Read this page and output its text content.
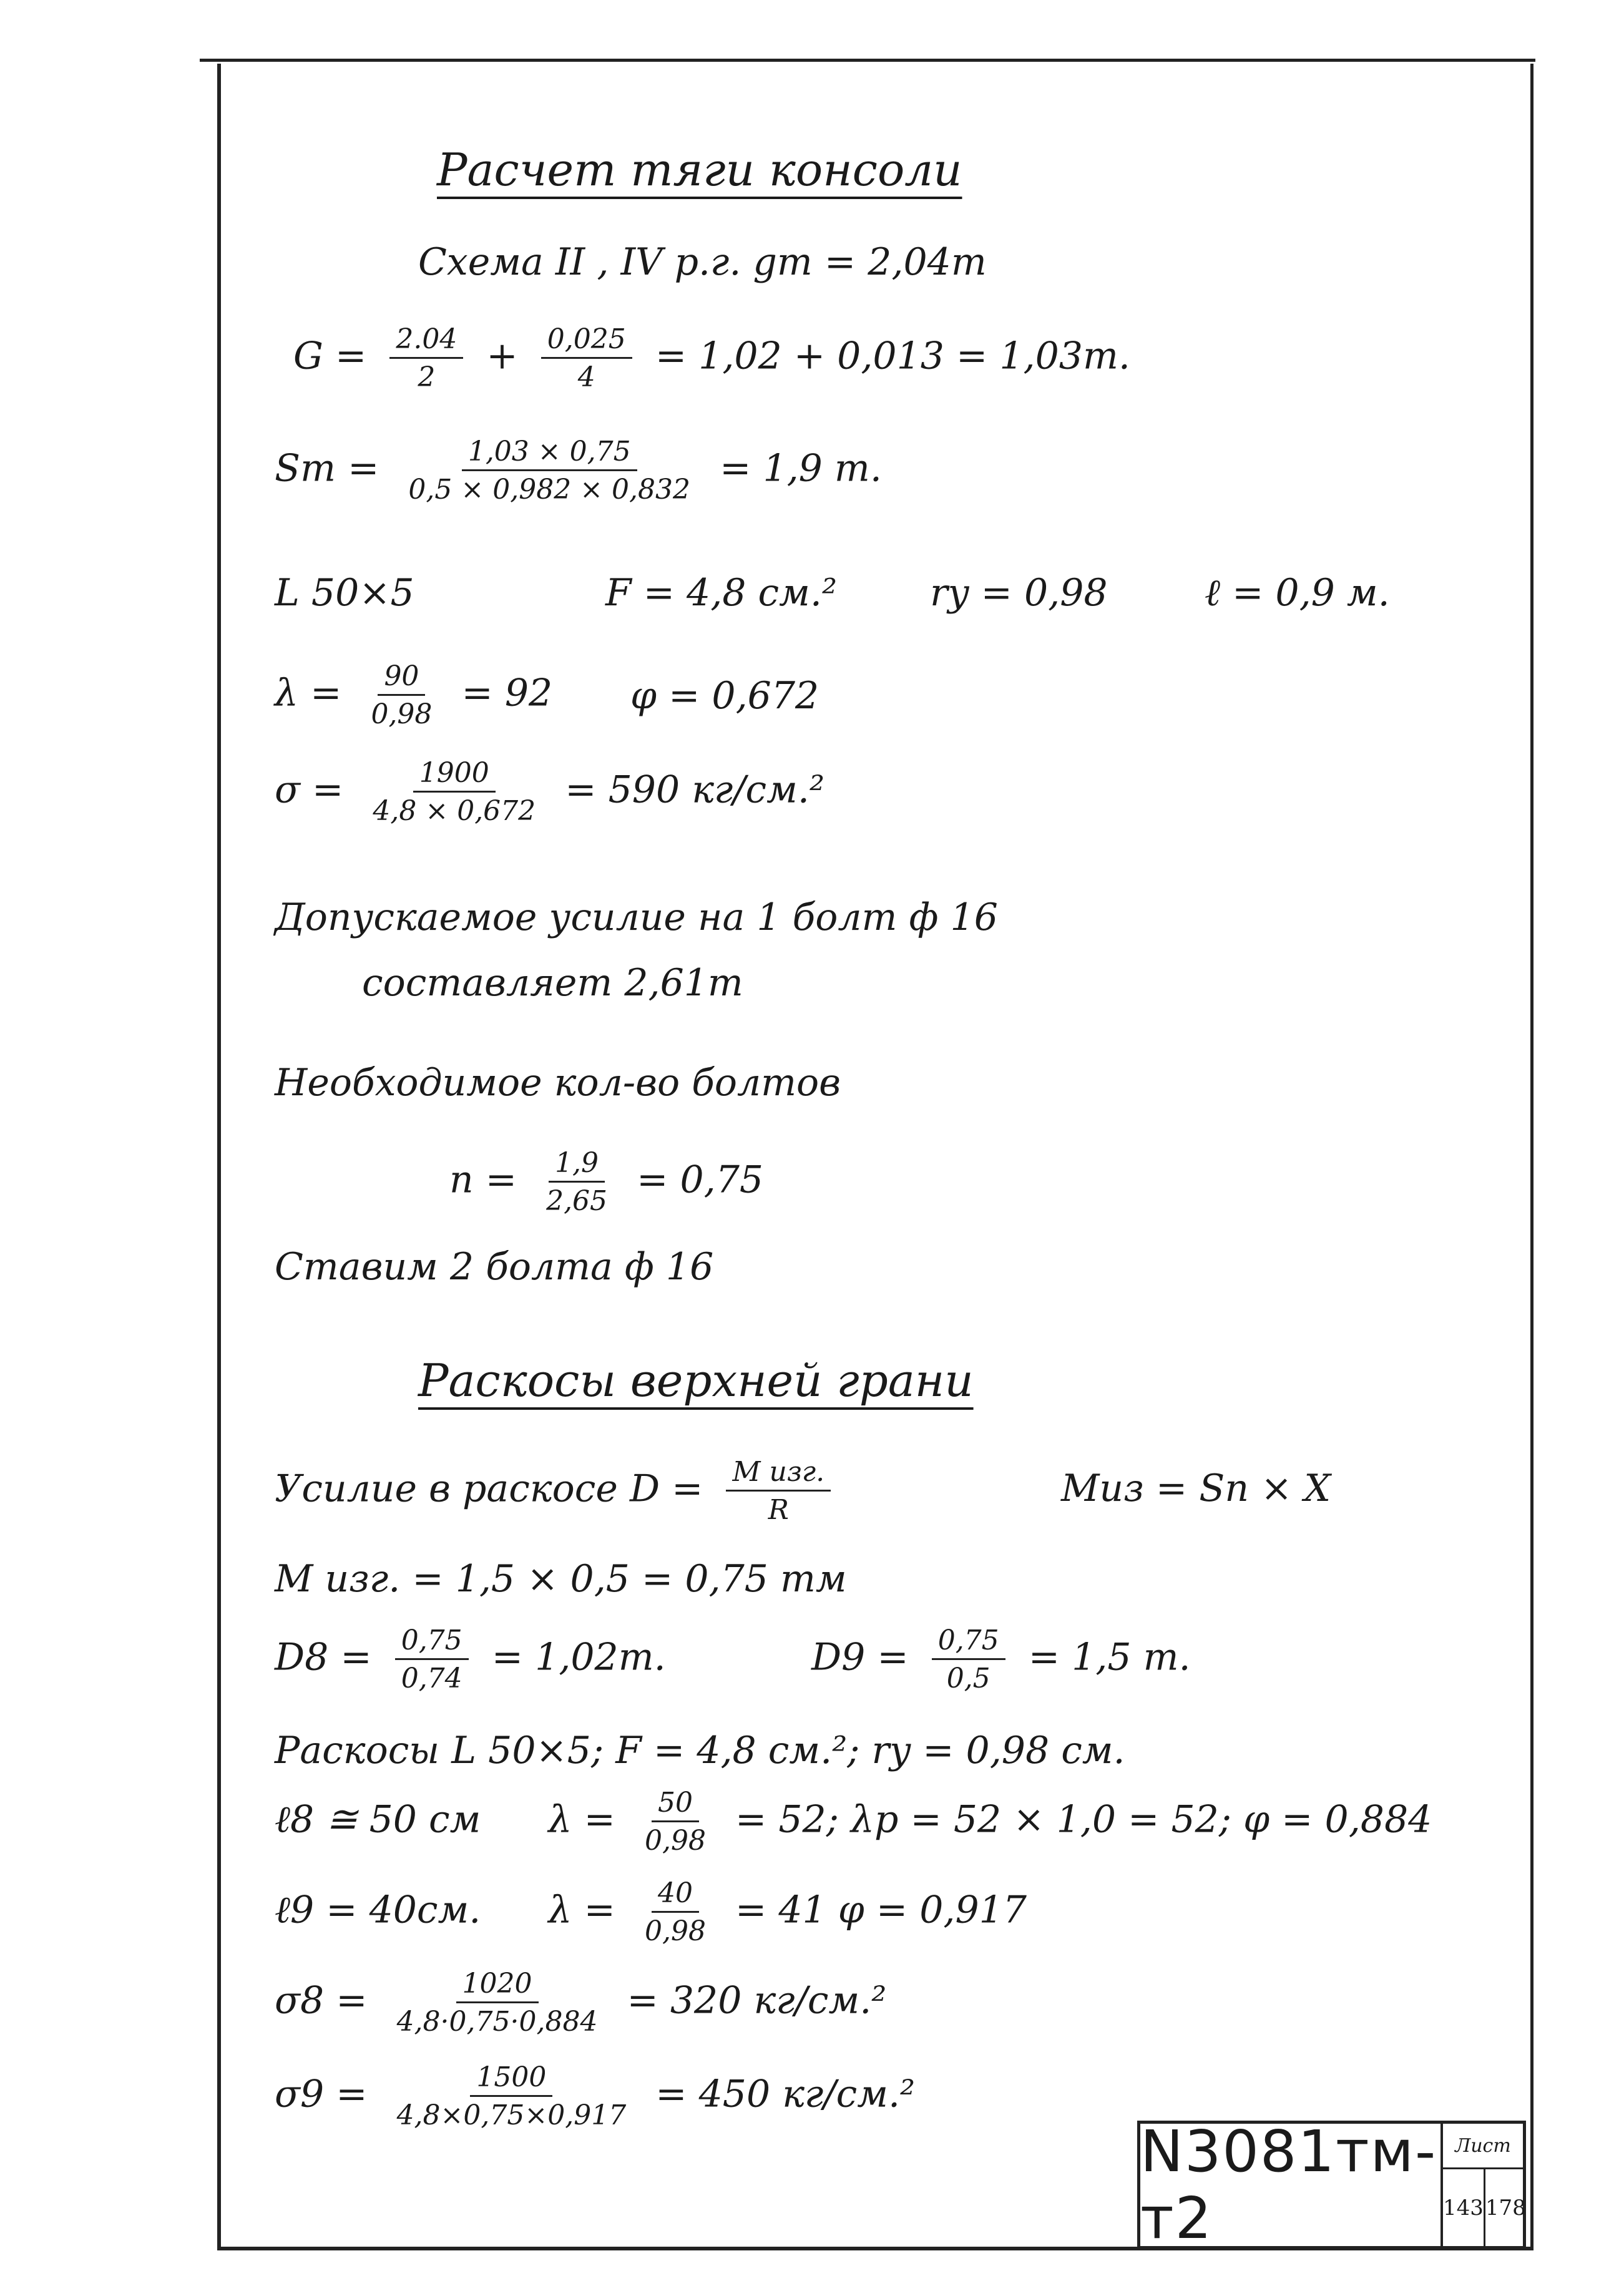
Расчет тяги консоли
Схема II , IV р.г. gт = 2,04т
$G = \frac{2.04}{2} + \frac{0,025}{4} = 1,02 + 0,013 = 1,03т$.
Sт = $\frac{1,03 \times 0,75}{0,5 \times 0,982 \times 0,832} = 1,9$ т.
L 50×5	F = 4,8 см.² ry = 0,98	ℓ = 0,9 м.
$\lambda = \frac{90}{0,98} = 92$ φ = 0,672
$\sigma = \frac{1900}{4,8 \times 0,672} = 590$ кг/см.²
Допускаемое усилие на 1 болт ф 16
составляет 2,61т
Необходимое кол-во болтов
$n = \frac{1,9}{2,65} = 0,75$
Ставим 2 болта ф 16
Раскосы верхней грани
Усилие в раскосе $D = \frac{\text{M изг.}}{R}$	Mиз = Sп × X
M изг. = 1,5 × 0,5 = 0,75 тм
$D8 = \frac{0,75}{0,74} = 1,02т$.	$D9 = \frac{0,75}{0,5} = 1,5$ т.
Раскосы L 50×5; F = 4,8 см.²; ry = 0,98 см.
ℓ8 ≅ 50 см $\lambda = \frac{50}{0,98} = 52$; λр = 52 × 1,0 = 52; φ = 0,884
ℓ9 = 40см. $\lambda = \frac{40}{0,98} = 41$ φ = 0,917
$\sigma 8 = \frac{1020}{4,8\cdot 0,75\cdot 0,884} = 320$ кг/см.²
$\sigma 9 = \frac{1500}{4,8\times 0,75\times 0,917} = 450$ кг/см.²
N3081тм-т2
Лист
143 178
